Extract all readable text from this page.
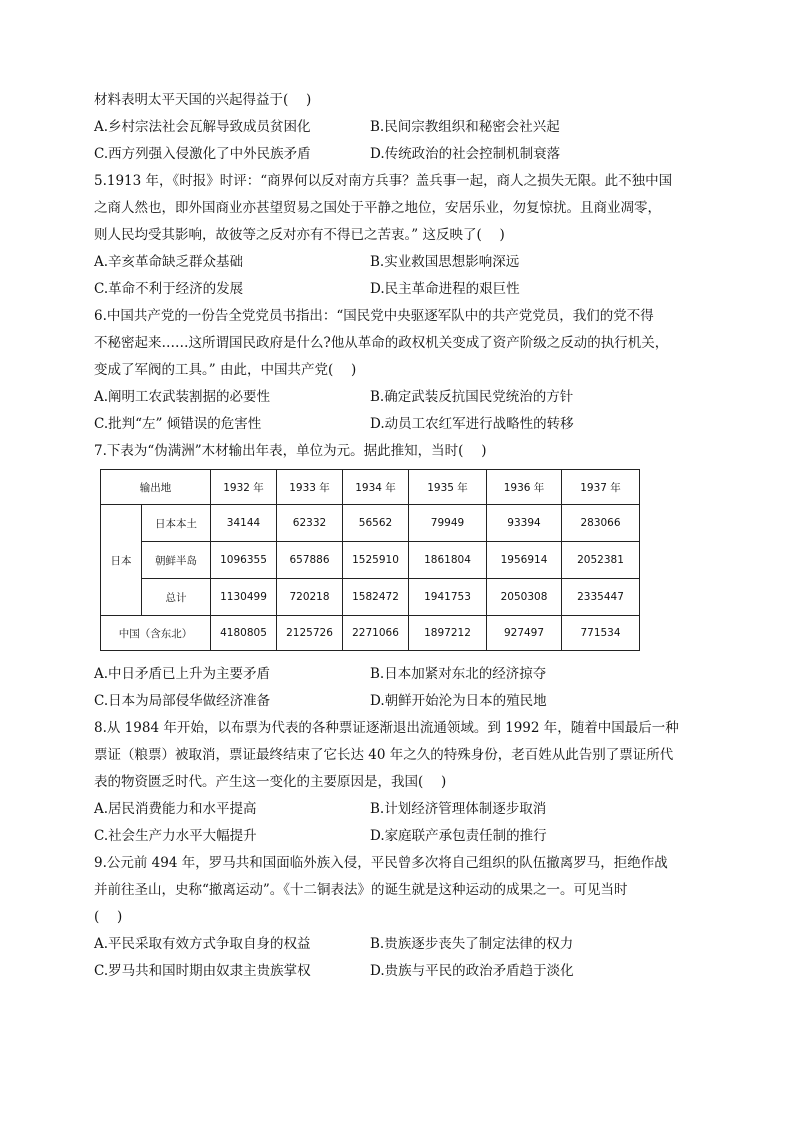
材料表明太平天国的兴起得益于(　 )

A.乡村宗法社会瓦解导致成员贫困化	B.民间宗教组织和秘密会社兴起
C.西方列强入侵激化了中外民族矛盾	D.传统政治的社会控制机制衰落

5.1913 年，《时报》时评：“商界何以反对南方兵事？盖兵事一起，商人之损失无限。此不独中国

之商人然也，即外国商业亦甚望贸易之国处于平静之地位，安居乐业，勿复惊扰。且商业凋零，

则人民均受其影响，故彼等之反对亦有不得已之苦衷。” 这反映了(　 )

A.辛亥革命缺乏群众基础	B.实业救国思想影响深远
C.革命不利于经济的发展	D.民主革命进程的艰巨性

6.中国共产党的一份告全党党员书指出：“国民党中央驱逐军队中的共产党党员，我们的党不得

不秘密起来……这所谓国民政府是什么?他从革命的政权机关变成了资产阶级之反动的执行机关，

变成了军阀的工具。” 由此，中国共产党(　 )

A.阐明工农武装割据的必要性	B.确定武装反抗国民党统治的方针
C.批判“左” 倾错误的危害性	D.动员工农红军进行战略性的转移

7.下表为“伪满洲”木材输出年表，单位为元。据此推知，当时(　 )

输出地		1932 年	1933 年	1934 年	1935 年	1936 年	1937 年
日本	日本本土	34144	62332	56562	79949	93394	283066
	朝鲜半岛	1096355	657886	1525910	1861804	1956914	2052381
	总计	1130499	720218	1582472	1941753	2050308	2335447
中国（含东北）		4180805	2125726	2271066	1897212	927497	771534
A.中日矛盾已上升为主要矛盾	B.日本加紧对东北的经济掠夺
C.日本为局部侵华做经济准备	D.朝鲜开始沦为日本的殖民地

8.从 1984 年开始，以布票为代表的各种票证逐渐退出流通领域。到 1992 年，随着中国最后一种

票证（粮票）被取消，票证最终结束了它长达 40 年之久的特殊身份，老百姓从此告别了票证所代

表的物资匮乏时代。产生这一变化的主要原因是，我国(　 )

A.居民消费能力和水平提高	B.计划经济管理体制逐步取消
C.社会生产力水平大幅提升	D.家庭联产承包责任制的推行

9.公元前 494 年，罗马共和国面临外族入侵，平民曾多次将自己组织的队伍撤离罗马，拒绝作战

并前往圣山，史称“撤离运动”。《十二铜表法》的诞生就是这种运动的成果之一。可见当时

(　 )

A.平民采取有效方式争取自身的权益	B.贵族逐步丧失了制定法律的权力
C.罗马共和国时期由奴隶主贵族掌权	D.贵族与平民的政治矛盾趋于淡化
